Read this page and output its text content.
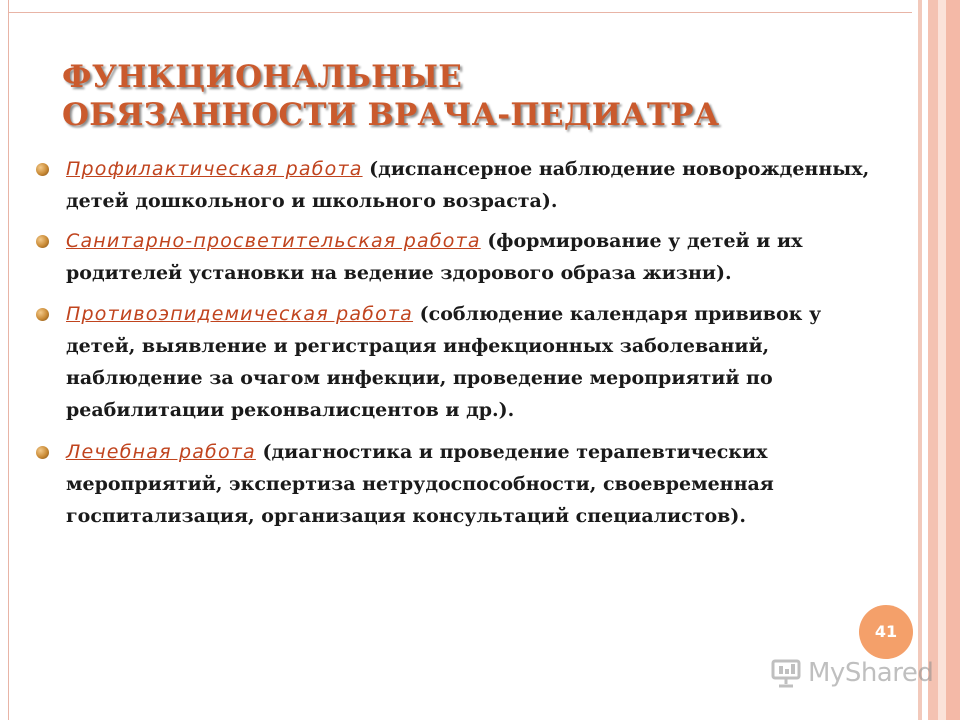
ФУНКЦИОНАЛЬНЫЕ
ОБЯЗАННОСТИ ВРАЧА-ПЕДИАТРА
Профилактическая работа (диспансерное наблюдение новорожденных, детей дошкольного и школьного возраста).
Санитарно-просветительская работа (формирование у детей и их родителей установки на ведение здорового образа жизни).
Противоэпидемическая работа (соблюдение календаря прививок у детей, выявление и регистрация инфекционных заболеваний, наблюдение за очагом инфекции, проведение мероприятий по реабилитации реконвалисцентов и др.).
Лечебная работа (диагностика и проведение терапевтических мероприятий, экспертиза нетрудоспособности, своевременная госпитализация, организация консультаций специалистов).
41
MyShared
